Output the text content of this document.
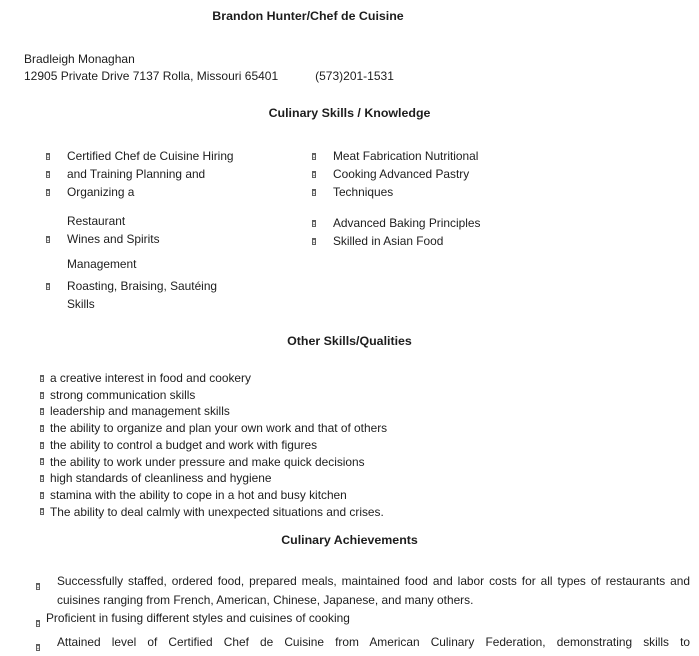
Brandon Hunter/Chef de Cuisine
Bradleigh Monaghan
12905 Private Drive 7137 Rolla, Missouri 65401	(573)201-1531
Culinary Skills / Knowledge
Certified Chef de Cuisine Hiring
and Training Planning and
Organizing a
Restaurant
Wines and Spirits
Management
Roasting, Braising, Sautéing
Skills
Meat Fabrication Nutritional
Cooking Advanced Pastry
Techniques
Advanced Baking Principles
Skilled in Asian Food
Other Skills/Qualities
a creative interest in food and cookery
strong communication skills
leadership and management skills
the ability to organize and plan your own work and that of others
the ability to control a budget and work with figures
the ability to work under pressure and make quick decisions
high standards of cleanliness and hygiene
stamina with the ability to cope in a hot and busy kitchen
The ability to deal calmly with unexpected situations and crises.
Culinary Achievements
Successfully staffed, ordered food, prepared meals, maintained food and labor costs for all types of restaurants and cuisines ranging from French, American, Chinese, Japanese, and many others.
Proficient in fusing different styles and cuisines of cooking
Attained level of Certified Chef de Cuisine from American Culinary Federation, demonstrating skills to
